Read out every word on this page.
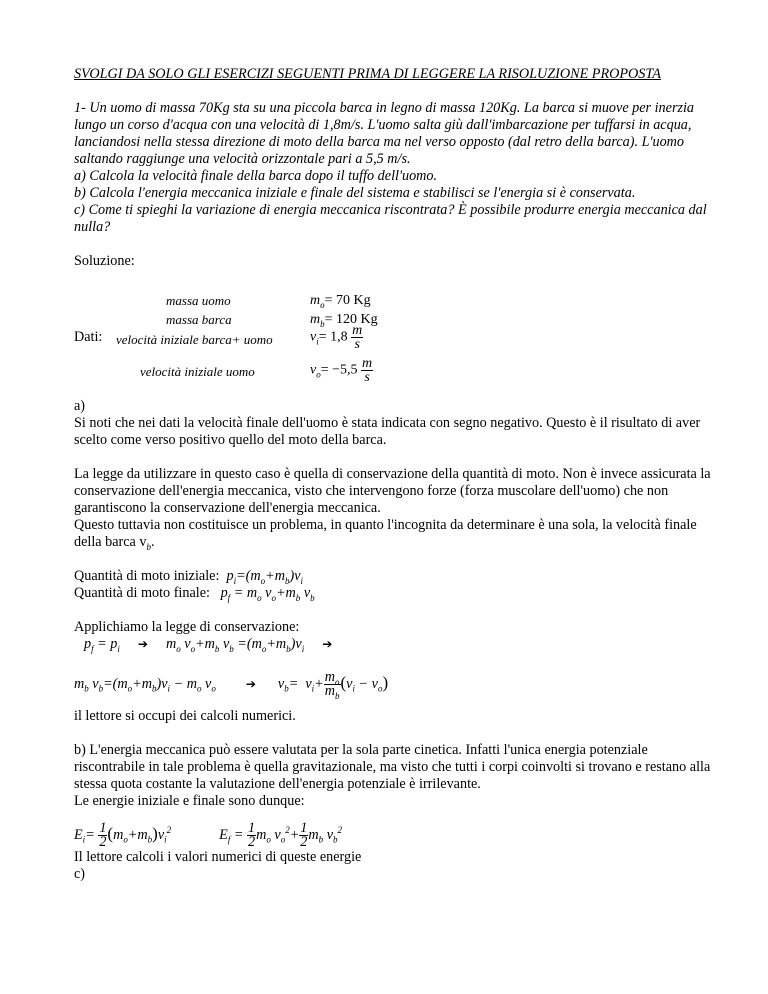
SVOLGI DA SOLO GLI ESERCIZI SEGUENTI PRIMA DI LEGGERE LA RISOLUZIONE PROPOSTA

1- Un uomo di massa 70Kg sta su una piccola barca in legno di massa 120Kg. La barca si muove per inerzia lungo un corso d'acqua con una velocità di 1,8m/s. L'uomo salta giù dall'imbarcazione per tuffarsi in acqua, lanciandosi nella stessa direzione di moto della barca ma nel verso opposto (dal retro della barca). L'uomo saltando raggiunge una velocità orizzontale pari a 5,5 m/s.
a) Calcola la velocità finale della barca dopo il tuffo dell'uomo.
b) Calcola l'energia meccanica iniziale e finale del sistema e stabilisci se l'energia si è conservata.
c) Come ti spieghi la variazione di energia meccanica riscontrata? È possibile produrre energia meccanica dal nulla?

Soluzione:

Dati:
massa uomo	$m_o= 70$ Kg
massa barca	$m_b= 120$ Kg
velocità iniziale barca+ uomo	$v_i= 1,8 \frac{m}{s}$
velocità iniziale uomo	$v_o= -5,5 \frac{m}{s}$

a)

Si noti che nei dati la velocità finale dell'uomo è stata indicata con segno negativo. Questo è il risultato di aver scelto come verso positivo quello del moto della barca.

La legge da utilizzare in questo caso è quella di conservazione della quantità di moto. Non è invece assicurata la conservazione dell'energia meccanica, visto che intervengono forze (forza muscolare dell'uomo) che non garantiscono la conservazione dell'energia meccanica.

Questo tuttavia non costituisce un problema, in quanto l'incognita da determinare è una sola, la velocità finale della barca $v_b$.

Quantità di moto iniziale: $p_i=(m_o+m_b)v_i$

Quantità di moto finale: $p_f = m_o$ $v_o+m_b$ $v_b$

Applichiamo la legge di conservazione:

$p_f = p_i$ ➔ $m_o$ $v_o+m_b$ $v_b =(m_o+m_b)v_i$ ➔

$m_b$ $v_b=(m_o+m_b)v_i - m_o$ $v_o$	➔ $v_b= v_i+ \frac{m_o}{m_b} (v_i - v_o)$

il lettore si occupi dei calcoli numerici.

b) L'energia meccanica può essere valutata per la sola parte cinetica. Infatti l'unica energia potenziale riscontrabile in tale problema è quella gravitazionale, ma visto che tutti i corpi coinvolti si trovano e restano alla stessa quota costante la valutazione dell'energia potenziale è irrilevante.

Le energie iniziale e finale sono dunque:

$E_i= \frac{1}{2} (m_o+m_b)v_i^2$	$E_f = \frac{1}{2} m_o$ $v_o^2+ \frac{1}{2} m_b$ $v_b^2$

Il lettore calcoli i valori numerici di queste energie

c)
